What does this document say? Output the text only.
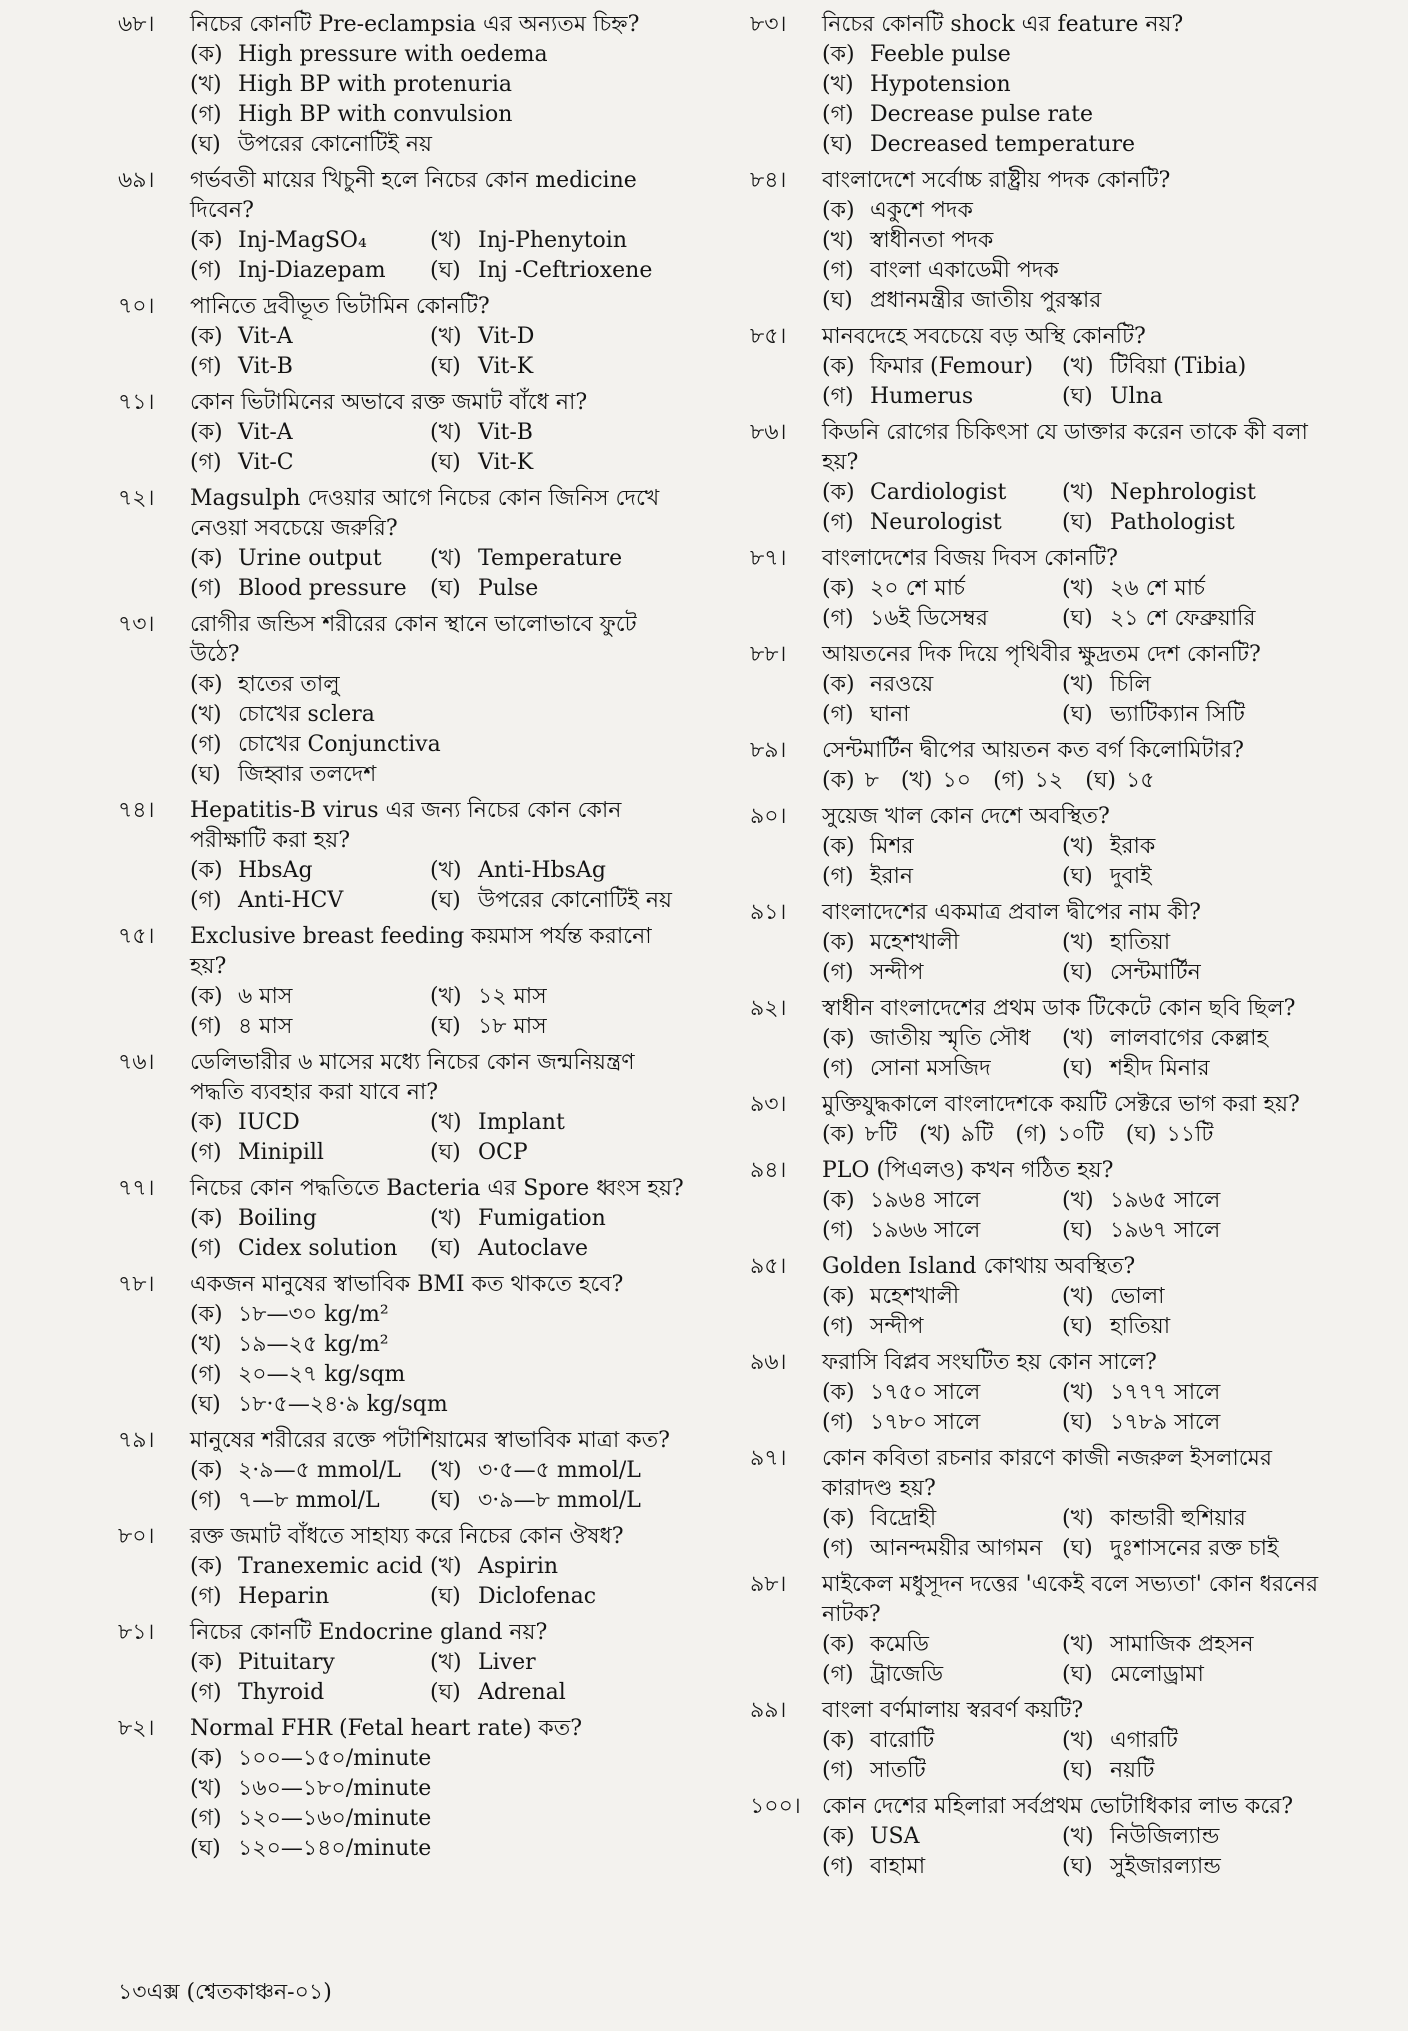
৬৮।	নিচের কোনটি Pre-eclampsia এর অন্যতম চিহ্ন?
(ক) High pressure with oedema
(খ) High BP with protenuria
(গ) High BP with convulsion
(ঘ) উপরের কোনোটিই নয়
৬৯।	গর্ভবতী মায়ের খিচুনী হলে নিচের কোন medicine দিবেন?
(ক) Inj-MagSO₄	(খ) Inj-Phenytoin
(গ) Inj-Diazepam	(ঘ) Inj -Ceftrioxene
৭০।	পানিতে দ্রবীভূত ভিটামিন কোনটি?
(ক) Vit-A	(খ) Vit-D
(গ) Vit-B	(ঘ) Vit-K
৭১।	কোন ভিটামিনের অভাবে রক্ত জমাট বাঁধে না?
(ক) Vit-A	(খ) Vit-B
(গ) Vit-C	(ঘ) Vit-K
৭২।	Magsulph দেওয়ার আগে নিচের কোন জিনিস দেখে নেওয়া সবচেয়ে জরুরি?
(ক) Urine output	(খ) Temperature
(গ) Blood pressure	(ঘ) Pulse
৭৩।	রোগীর জন্ডিস শরীরের কোন স্থানে ভালোভাবে ফুটে উঠে?
(ক) হাতের তালু
(খ) চোখের sclera
(গ) চোখের Conjunctiva
(ঘ) জিহ্বার তলদেশ
৭৪।	Hepatitis-B virus এর জন্য নিচের কোন কোন পরীক্ষাটি করা হয়?
(ক) HbsAg	(খ) Anti-HbsAg
(গ) Anti-HCV	(ঘ) উপরের কোনোটিই নয়
৭৫।	Exclusive breast feeding কয়মাস পর্যন্ত করানো হয়?
(ক) ৬ মাস	(খ) ১২ মাস
(গ) ৪ মাস	(ঘ) ১৮ মাস
৭৬।	ডেলিভারীর ৬ মাসের মধ্যে নিচের কোন জন্মনিয়ন্ত্রণ পদ্ধতি ব্যবহার করা যাবে না?
(ক) IUCD	(খ) Implant
(গ) Minipill	(ঘ) OCP
৭৭।	নিচের কোন পদ্ধতিতে Bacteria এর Spore ধ্বংস হয়?
(ক) Boiling	(খ) Fumigation
(গ) Cidex solution	(ঘ) Autoclave
৭৮।	একজন মানুষের স্বাভাবিক BMI কত থাকতে হবে?
(ক) ১৮—৩০ kg/m²
(খ) ১৯—২৫ kg/m²
(গ) ২০—২৭ kg/sqm
(ঘ) ১৮·৫—২৪·৯ kg/sqm
৭৯।	মানুষের শরীরের রক্তে পটাশিয়ামের স্বাভাবিক মাত্রা কত?
(ক) ২·৯—৫ mmol/L	(খ) ৩·৫—৫ mmol/L
(গ) ৭—৮ mmol/L	(ঘ) ৩·৯—৮ mmol/L
৮০।	রক্ত জমাট বাঁধতে সাহায্য করে নিচের কোন ঔষধ?
(ক) Tranexemic acid (খ) Aspirin
(গ) Heparin	(ঘ) Diclofenac
৮১।	নিচের কোনটি Endocrine gland নয়?
(ক) Pituitary	(খ) Liver
(গ) Thyroid	(ঘ) Adrenal
৮২।	Normal FHR (Fetal heart rate) কত?
(ক) ১০০—১৫০/minute
(খ) ১৬০—১৮০/minute
(গ) ১২০—১৬০/minute
(ঘ) ১২০—১৪০/minute
৮৩।	নিচের কোনটি shock এর feature নয়?
(ক) Feeble pulse
(খ) Hypotension
(গ) Decrease pulse rate
(ঘ) Decreased temperature
৮৪।	বাংলাদেশে সর্বোচ্চ রাষ্ট্রীয় পদক কোনটি?
(ক) একুশে পদক
(খ) স্বাধীনতা পদক
(গ) বাংলা একাডেমী পদক
(ঘ) প্রধানমন্ত্রীর জাতীয় পুরস্কার
৮৫।	মানবদেহে সবচেয়ে বড় অস্থি কোনটি?
(ক) ফিমার (Femour)	(খ) টিবিয়া (Tibia)
(গ) Humerus	(ঘ) Ulna
৮৬।	কিডনি রোগের চিকিৎসা যে ডাক্তার করেন তাকে কী বলা হয়?
(ক) Cardiologist	(খ) Nephrologist
(গ) Neurologist	(ঘ) Pathologist
৮৭।	বাংলাদেশের বিজয় দিবস কোনটি?
(ক) ২০ শে মার্চ	(খ) ২৬ শে মার্চ
(গ) ১৬ই ডিসেম্বর	(ঘ) ২১ শে ফেব্রুয়ারি
৮৮।	আয়তনের দিক দিয়ে পৃথিবীর ক্ষুদ্রতম দেশ কোনটি?
(ক) নরওয়ে	(খ) চিলি
(গ) ঘানা	(ঘ) ভ্যাটিক্যান সিটি
৮৯।	সেন্টমার্টিন দ্বীপের আয়তন কত বর্গ কিলোমিটার?
(ক) ৮ (খ) ১০ (গ) ১২ (ঘ) ১৫
৯০।	সুয়েজ খাল কোন দেশে অবস্থিত?
(ক) মিশর	(খ) ইরাক
(গ) ইরান	(ঘ) দুবাই
৯১।	বাংলাদেশের একমাত্র প্রবাল দ্বীপের নাম কী?
(ক) মহেশখালী	(খ) হাতিয়া
(গ) সন্দীপ	(ঘ) সেন্টমার্টিন
৯২।	স্বাধীন বাংলাদেশের প্রথম ডাক টিকেটে কোন ছবি ছিল?
(ক) জাতীয় স্মৃতি সৌধ	(খ) লালবাগের কেল্লাহ
(গ) সোনা মসজিদ	(ঘ) শহীদ মিনার
৯৩।	মুক্তিযুদ্ধকালে বাংলাদেশকে কয়টি সেক্টরে ভাগ করা হয়?
(ক) ৮টি (খ) ৯টি (গ) ১০টি (ঘ) ১১টি
৯৪।	PLO (পিএলও) কখন গঠিত হয়?
(ক) ১৯৬৪ সালে	(খ) ১৯৬৫ সালে
(গ) ১৯৬৬ সালে	(ঘ) ১৯৬৭ সালে
৯৫।	Golden Island কোথায় অবস্থিত?
(ক) মহেশখালী	(খ) ভোলা
(গ) সন্দীপ	(ঘ) হাতিয়া
৯৬।	ফরাসি বিপ্লব সংঘটিত হয় কোন সালে?
(ক) ১৭৫০ সালে	(খ) ১৭৭৭ সালে
(গ) ১৭৮০ সালে	(ঘ) ১৭৮৯ সালে
৯৭।	কোন কবিতা রচনার কারণে কাজী নজরুল ইসলামের কারাদণ্ড হয়?
(ক) বিদ্রোহী	(খ) কান্ডারী হুশিয়ার
(গ) আনন্দময়ীর আগমন (ঘ) দুঃশাসনের রক্ত চাই
৯৮।	মাইকেল মধুসূদন দত্তের 'একেই বলে সভ্যতা' কোন ধরনের নাটক?
(ক) কমেডি	(খ) সামাজিক প্রহসন
(গ) ট্রাজেডি	(ঘ) মেলোড্রামা
৯৯।	বাংলা বর্ণমালায় স্বরবর্ণ কয়টি?
(ক) বারোটি	(খ) এগারটি
(গ) সাতটি	(ঘ) নয়টি
১০০। কোন দেশের মহিলারা সর্বপ্রথম ভোটাধিকার লাভ করে?
(ক) USA	(খ) নিউজিল্যান্ড
(গ) বাহামা	(ঘ) সুইজারল্যান্ড
১৩এক্স (শ্বেতকাঞ্চন-০১)
